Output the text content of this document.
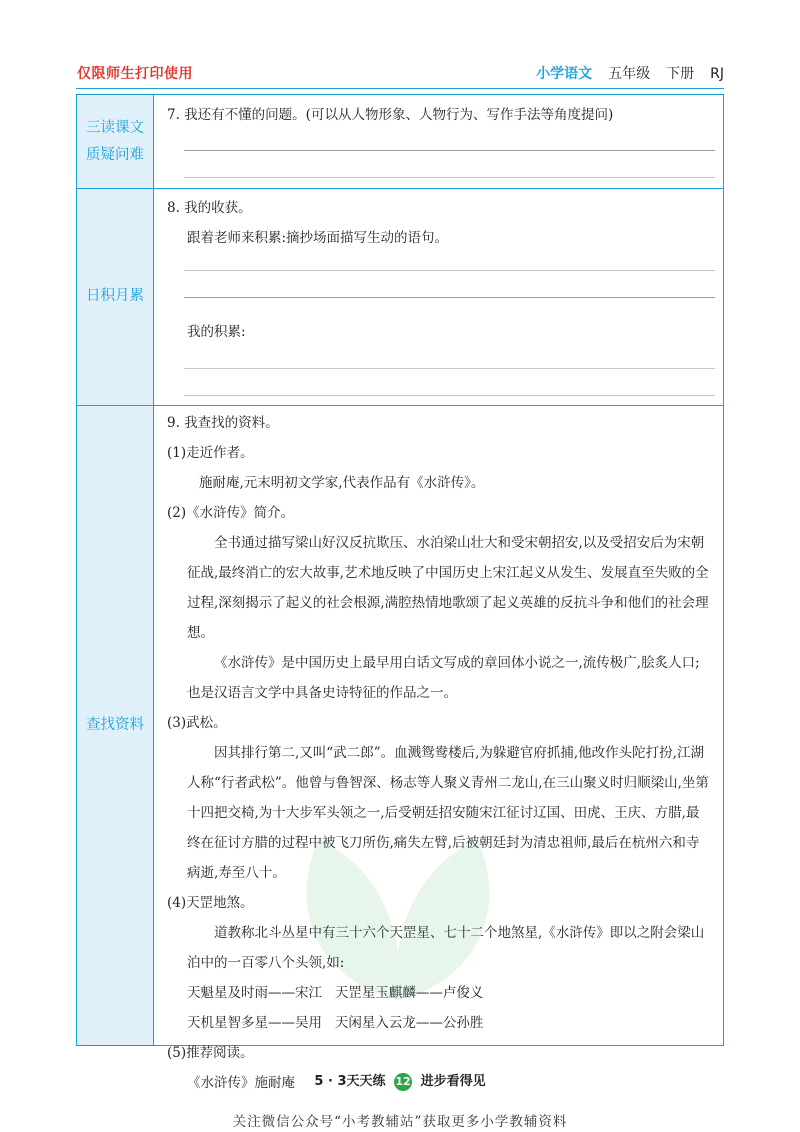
仅限师生打印使用	小学语文 五年级 下册 RJ
三读课文
质疑问难
7. 我还有不懂的问题。(可以从人物形象、人物行为、写作手法等角度提问)
日积月累
8. 我的收获。
跟着老师来积累:摘抄场面描写生动的语句。
我的积累:
查找资料
9. 我查找的资料。
(1)走近作者。
施耐庵,元末明初文学家,代表作品有《水浒传》。
(2)《水浒传》简介。
全书通过描写梁山好汉反抗欺压、水泊梁山壮大和受宋朝招安,以及受招安后为宋朝征战,最终消亡的宏大故事,艺术地反映了中国历史上宋江起义从发生、发展直至失败的全过程,深刻揭示了起义的社会根源,满腔热情地歌颂了起义英雄的反抗斗争和他们的社会理想。
《水浒传》是中国历史上最早用白话文写成的章回体小说之一,流传极广,脍炙人口;也是汉语言文学中具备史诗特征的作品之一。
(3)武松。
因其排行第二,又叫“武二郎”。血溅鸳鸯楼后,为躲避官府抓捕,他改作头陀打扮,江湖人称“行者武松”。他曾与鲁智深、杨志等人聚义青州二龙山,在三山聚义时归顺梁山,坐第十四把交椅,为十大步军头领之一,后受朝廷招安随宋江征讨辽国、田虎、王庆、方腊,最终在征讨方腊的过程中被飞刀所伤,痛失左臂,后被朝廷封为清忠祖师,最后在杭州六和寺病逝,寿至八十。
(4)天罡地煞。
道教称北斗丛星中有三十六个天罡星、七十二个地煞星,《水浒传》即以之附会梁山泊中的一百零八个头领,如:
天魁星及时雨——宋江   天罡星玉麒麟——卢俊义
天机星智多星——吴用   天闲星入云龙——公孙胜
(5)推荐阅读。
《水浒传》施耐庵	5 · 3天天练 12 进步看得见
关注微信公众号“小考教辅站”获取更多小学教辅资料
